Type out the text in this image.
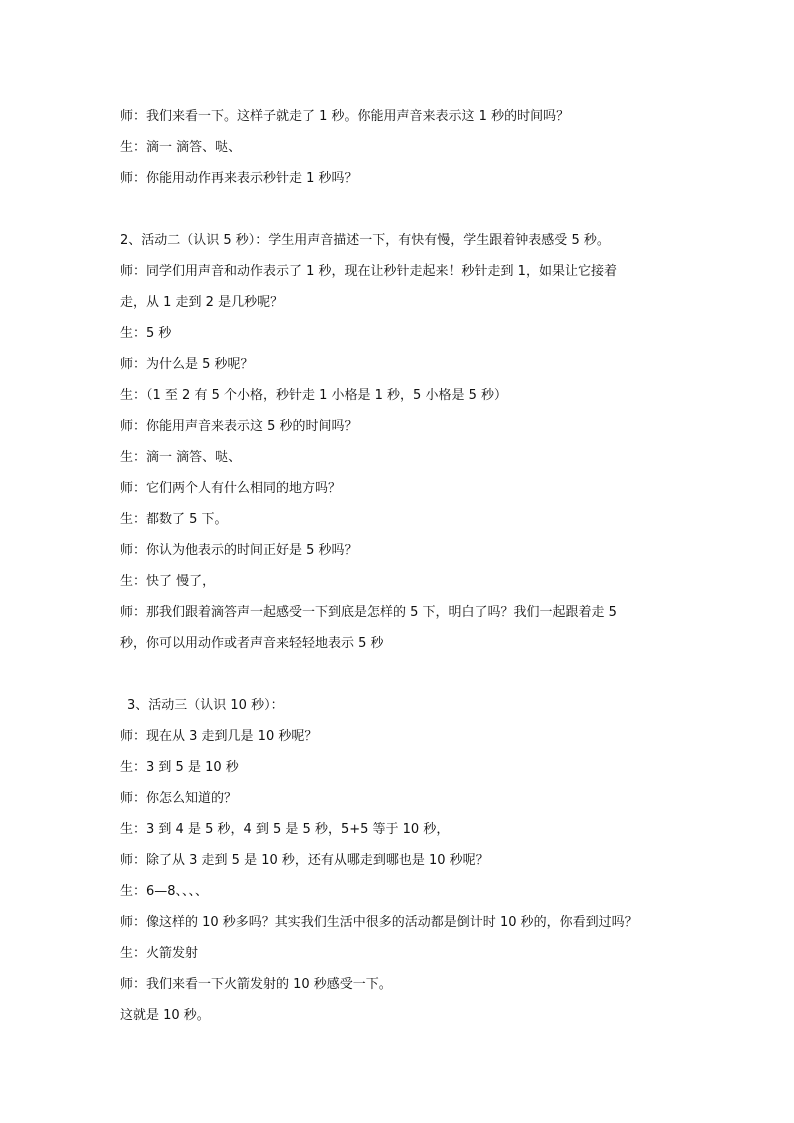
师：我们来看一下。这样子就走了 1 秒。你能用声音来表示这 1 秒的时间吗？
生：滴一 滴答、哒、
师：你能用动作再来表示秒针走 1 秒吗？
2、活动二（认识 5 秒）：学生用声音描述一下，有快有慢，学生跟着钟表感受 5 秒。
师：同学们用声音和动作表示了 1 秒，现在让秒针走起来！秒针走到 1，如果让它接着
走，从 1 走到 2 是几秒呢？
生：5 秒
师：为什么是 5 秒呢？
生：（1 至 2 有 5 个小格，秒针走 1 小格是 1 秒，5 小格是 5 秒）
师：你能用声音来表示这 5 秒的时间吗？
生：滴一 滴答、哒、
师：它们两个人有什么相同的地方吗？
生：都数了 5 下。
师：你认为他表示的时间正好是 5 秒吗？
生：快了 慢了，
师：那我们跟着滴答声一起感受一下到底是怎样的 5 下，明白了吗？我们一起跟着走 5
秒，你可以用动作或者声音来轻轻地表示 5 秒
3、活动三（认识 10 秒）：
师：现在从 3 走到几是 10 秒呢？
生：3 到 5 是 10 秒
师：你怎么知道的？
生：3 到 4 是 5 秒，4 到 5 是 5 秒，5+5 等于 10 秒，
师：除了从 3 走到 5 是 10 秒，还有从哪走到哪也是 10 秒呢？
生：6—8、、、、
师：像这样的 10 秒多吗？其实我们生活中很多的活动都是倒计时 10 秒的，你看到过吗？
生：火箭发射
师：我们来看一下火箭发射的 10 秒感受一下。
这就是 10 秒。
